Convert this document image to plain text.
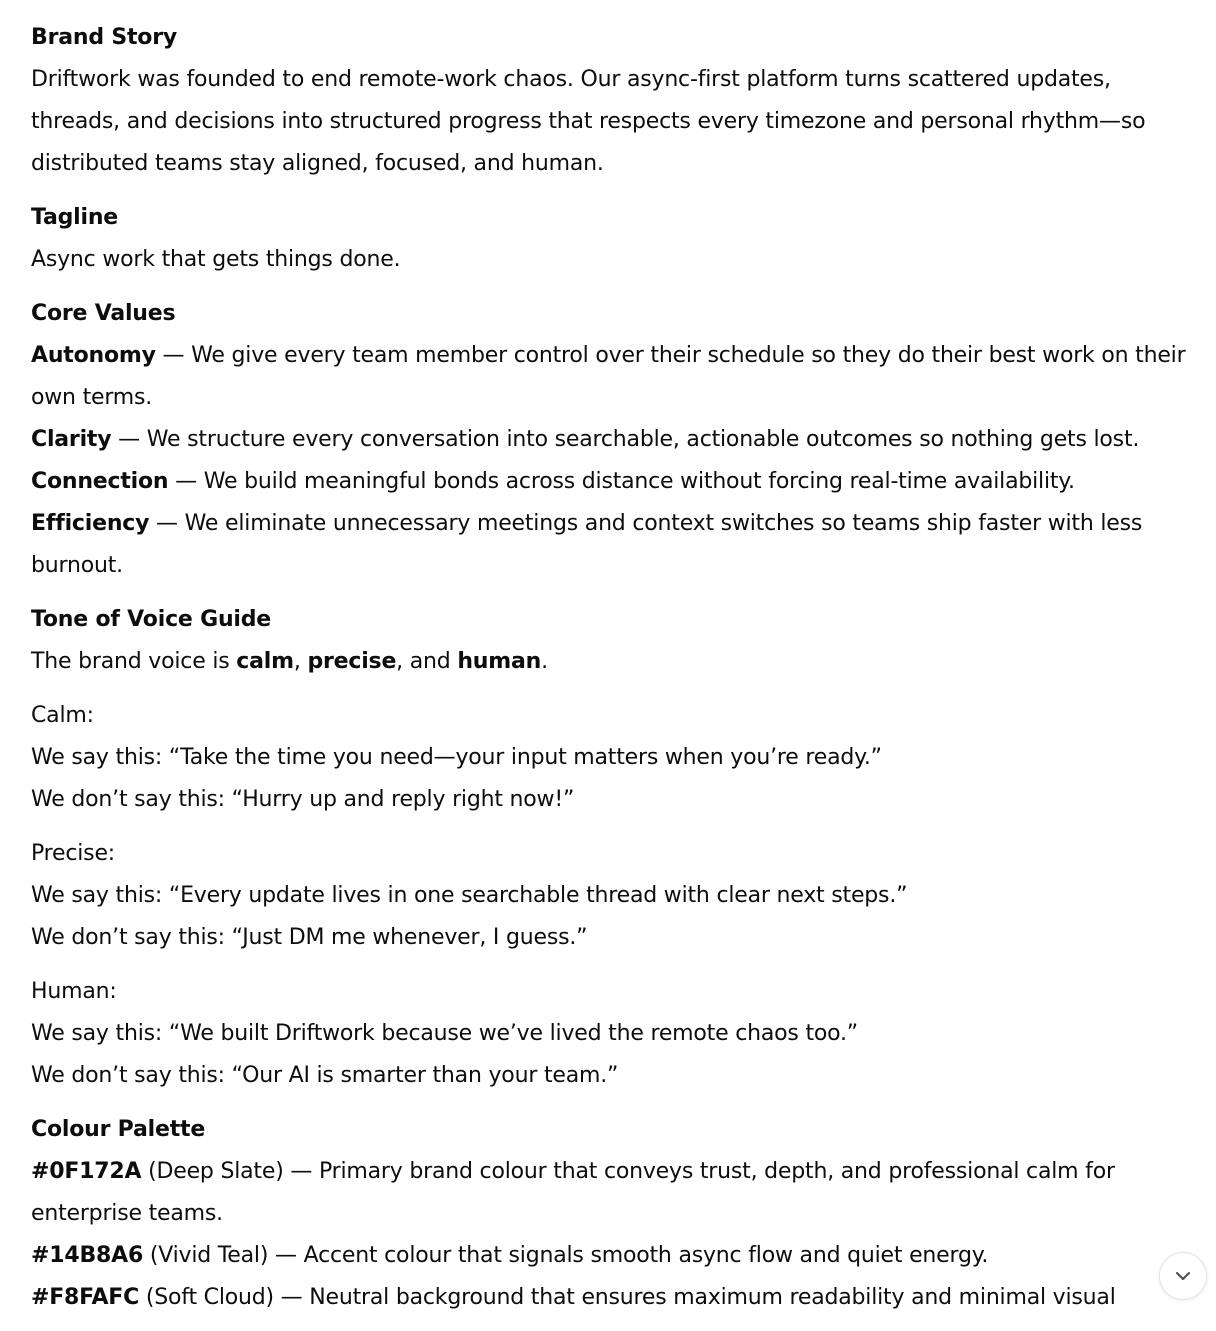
Brand Story

Driftwork was founded to end remote-work chaos. Our async-first platform turns scattered updates, threads, and decisions into structured progress that respects every timezone and personal rhythm—so distributed teams stay aligned, focused, and human.

Tagline

Async work that gets things done.

Core Values

Autonomy — We give every team member control over their schedule so they do their best work on their own terms.

Clarity — We structure every conversation into searchable, actionable outcomes so nothing gets lost.

Connection — We build meaningful bonds across distance without forcing real-time availability.

Efficiency — We eliminate unnecessary meetings and context switches so teams ship faster with less burnout.

Tone of Voice Guide

The brand voice is calm, precise, and human.

Calm:

We say this: “Take the time you need—your input matters when you’re ready.”

We don’t say this: “Hurry up and reply right now!”

Precise:

We say this: “Every update lives in one searchable thread with clear next steps.”

We don’t say this: “Just DM me whenever, I guess.”

Human:

We say this: “We built Driftwork because we’ve lived the remote chaos too.”

We don’t say this: “Our AI is smarter than your team.”

Colour Palette

#0F172A (Deep Slate) — Primary brand colour that conveys trust, depth, and professional calm for enterprise teams.

#14B8A6 (Vivid Teal) — Accent colour that signals smooth async flow and quiet energy.

#F8FAFC (Soft Cloud) — Neutral background that ensures maximum readability and minimal visual
